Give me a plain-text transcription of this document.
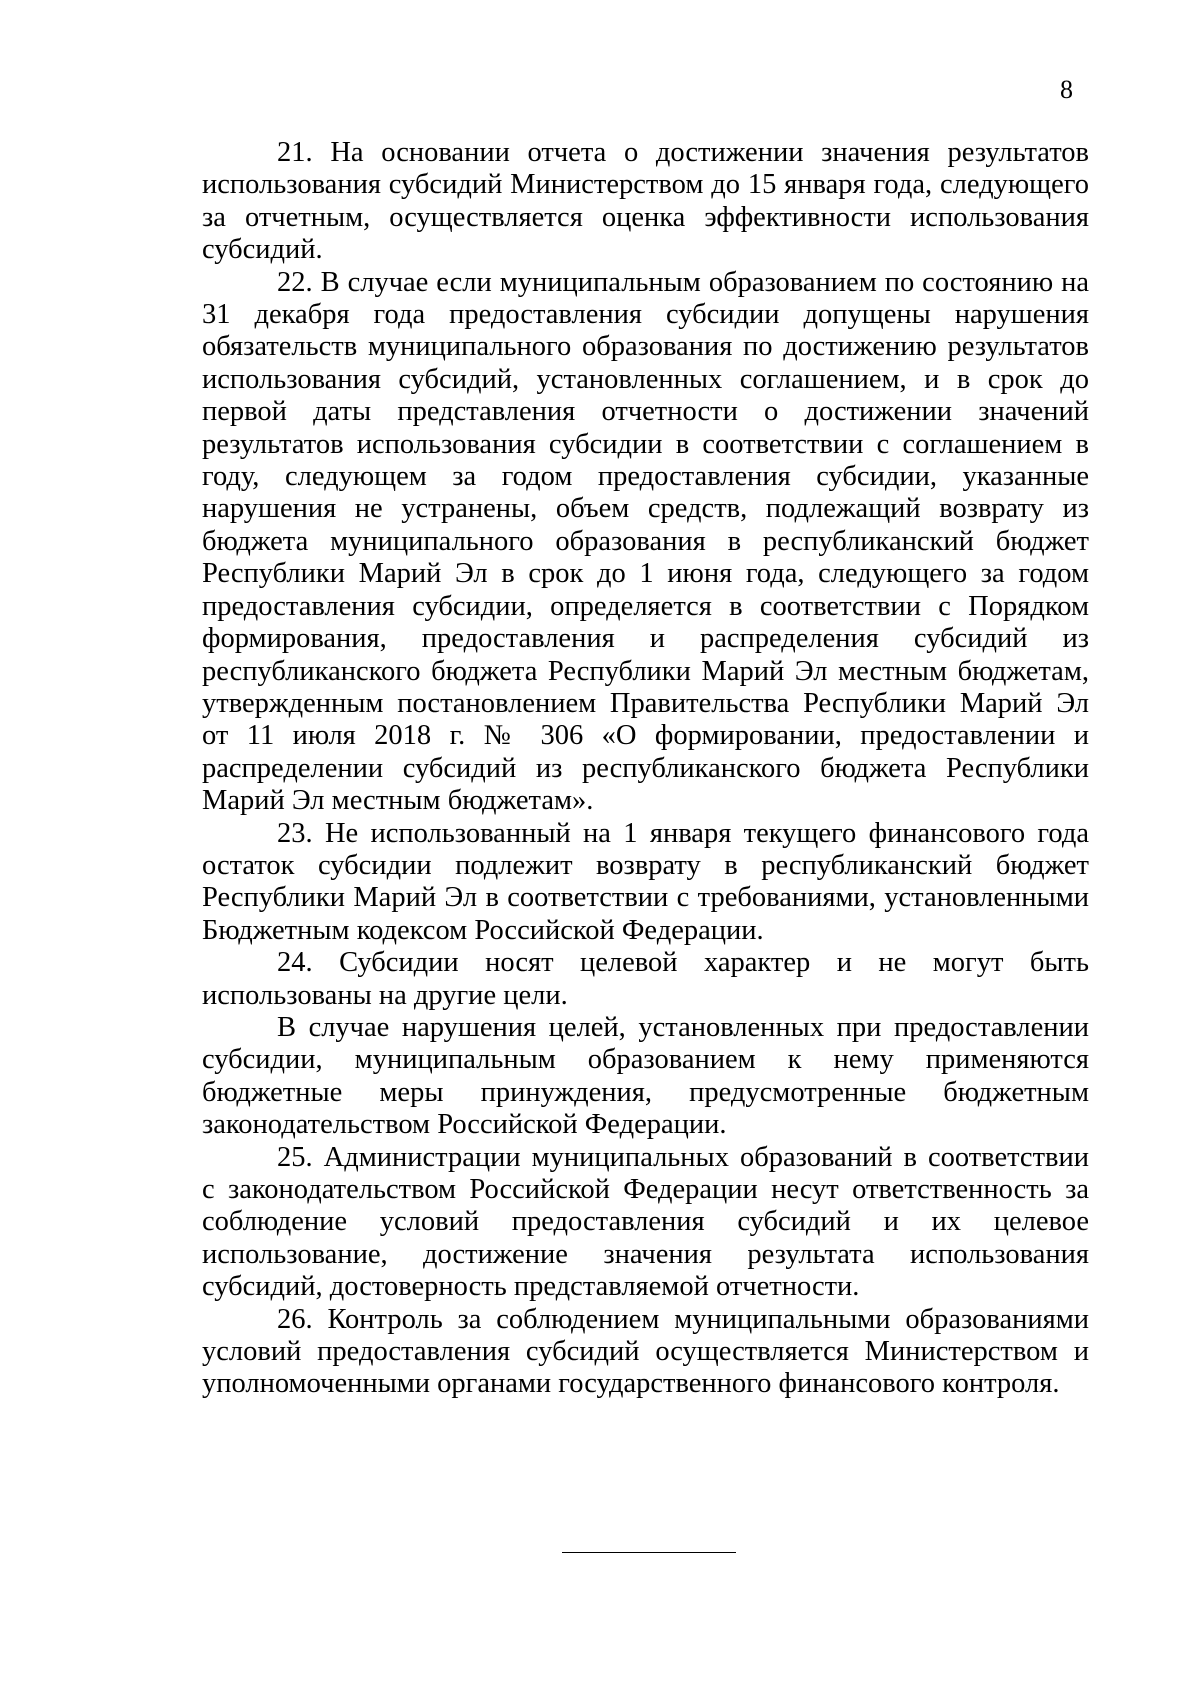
8

21. На основании отчета о достижении значения результатов использования субсидий Министерством до 15 января года, следующего за отчетным, осуществляется оценка эффективности использования субсидий.

22. В случае если муниципальным образованием по состоянию на 31 декабря года предоставления субсидии допущены нарушения обязательств муниципального образования по достижению результатов использования субсидий, установленных соглашением, и в срок до первой даты представления отчетности о достижении значений результатов использования субсидии в соответствии с соглашением в году, следующем за годом предоставления субсидии, указанные нарушения не устранены, объем средств, подлежащий возврату из бюджета муниципального образования в республиканский бюджет Республики Марий Эл в срок до 1 июня года, следующего за годом предоставления субсидии, определяется в соответствии с Порядком формирования, предоставления и распределения субсидий из республиканского бюджета Республики Марий Эл местным бюджетам, утвержденным постановлением Правительства Республики Марий Эл от 11 июля 2018 г. № 306 «О формировании, предоставлении и распределении субсидий из республиканского бюджета Республики Марий Эл местным бюджетам».

23. Не использованный на 1 января текущего финансового года остаток субсидии подлежит возврату в республиканский бюджет Республики Марий Эл в соответствии с требованиями, установленными Бюджетным кодексом Российской Федерации.

24. Субсидии носят целевой характер и не могут быть использованы на другие цели.

В случае нарушения целей, установленных при предоставлении субсидии, муниципальным образованием к нему применяются бюджетные меры принуждения, предусмотренные бюджетным законодательством Российской Федерации.

25. Администрации муниципальных образований в соответствии с законодательством Российской Федерации несут ответственность за соблюдение условий предоставления субсидий и их целевое использование, достижение значения результата использования субсидий, достоверность представляемой отчетности.

26. Контроль за соблюдением муниципальными образованиями условий предоставления субсидий осуществляется Министерством и уполномоченными органами государственного финансового контроля.
